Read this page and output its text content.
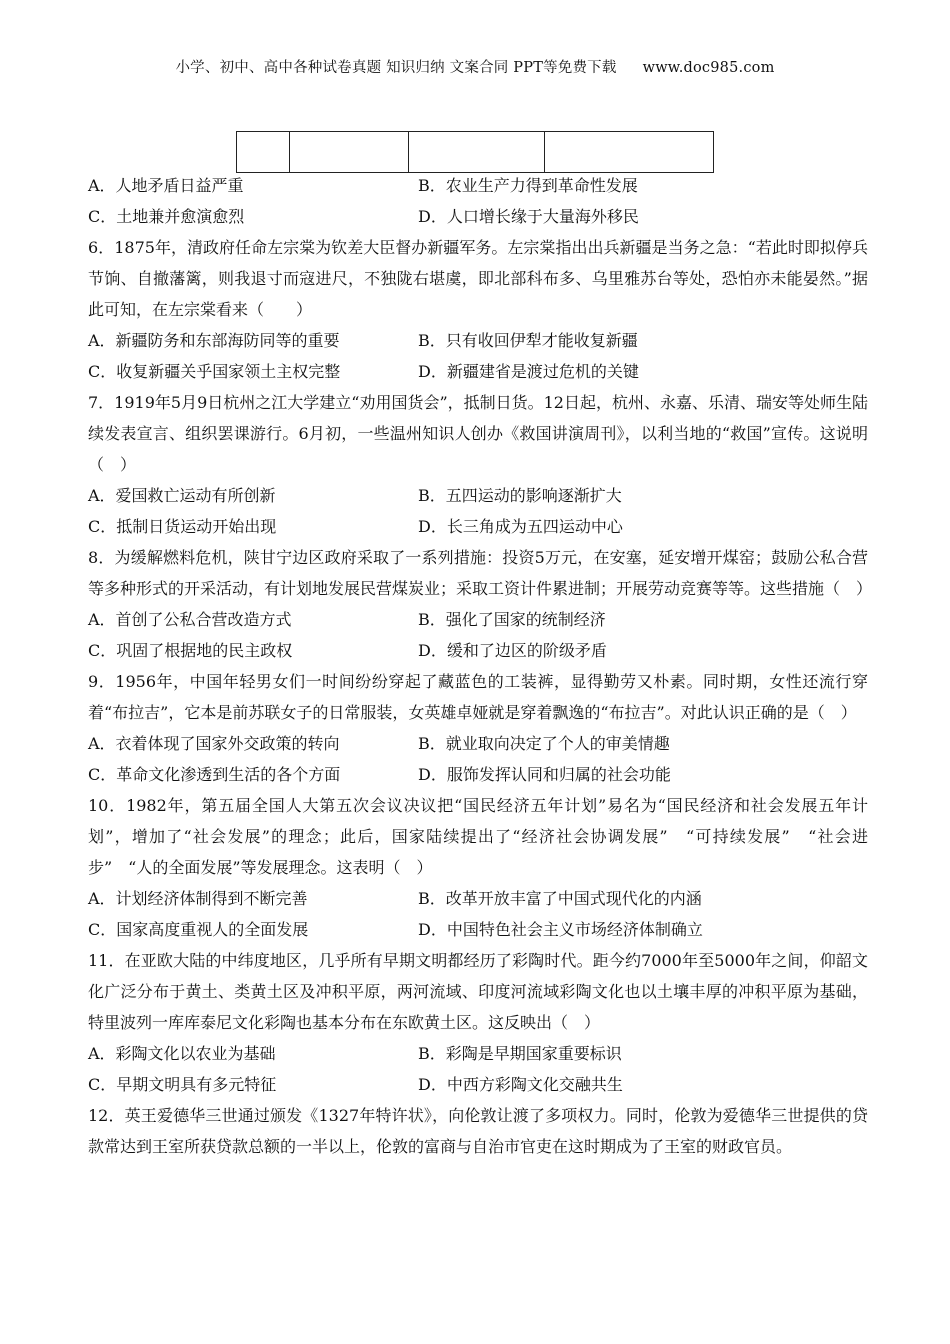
小学、初中、高中各种试卷真题 知识归纳 文案合同 PPT等免费下载 www.doc985.com

A．人地矛盾日益严重	B．农业生产力得到革命性发展
C．土地兼并愈演愈烈	D．人口增长缘于大量海外移民

6．1875年，清政府任命左宗棠为钦差大臣督办新疆军务。左宗棠指出出兵新疆是当务之急：“若此时即拟停兵节饷、自撤藩篱，则我退寸而寇进尺，不独陇右堪虞，即北部科布多、乌里雅苏台等处，恐怕亦未能晏然。”据此可知，在左宗棠看来（　　）

A．新疆防务和东部海防同等的重要	B．只有收回伊犁才能收复新疆
C．收复新疆关乎国家领土主权完整	D．新疆建省是渡过危机的关键

7．1919年5月9日杭州之江大学建立“劝用国货会”，抵制日货。12日起，杭州、永嘉、乐清、瑞安等处师生陆续发表宣言、组织罢课游行。6月初，一些温州知识人创办《救国讲演周刊》，以利当地的“救国”宣传。这说明（　）

A．爱国救亡运动有所创新	B．五四运动的影响逐渐扩大
C．抵制日货运动开始出现	D．长三角成为五四运动中心

8．为缓解燃料危机，陕甘宁边区政府采取了一系列措施：投资5万元，在安塞，延安增开煤窑；鼓励公私合营等多种形式的开采活动，有计划地发展民营煤炭业；采取工资计件累进制；开展劳动竞赛等等。这些措施（　）

A．首创了公私合营改造方式	B．强化了国家的统制经济
C．巩固了根据地的民主政权	D．缓和了边区的阶级矛盾

9．1956年，中国年轻男女们一时间纷纷穿起了藏蓝色的工装裤，显得勤劳又朴素。同时期，女性还流行穿着“布拉吉”，它本是前苏联女子的日常服装，女英雄卓娅就是穿着飘逸的“布拉吉”。对此认识正确的是（　）

A．衣着体现了国家外交政策的转向	B．就业取向决定了个人的审美情趣
C．革命文化渗透到生活的各个方面	D．服饰发挥认同和归属的社会功能

10．1982年，第五届全国人大第五次会议决议把“国民经济五年计划”易名为“国民经济和社会发展五年计划”，增加了“社会发展”的理念；此后，国家陆续提出了“经济社会协调发展”　“可持续发展”　“社会进步”　“人的全面发展”等发展理念。这表明（　）

A．计划经济体制得到不断完善	B．改革开放丰富了中国式现代化的内涵
C．国家高度重视人的全面发展	D．中国特色社会主义市场经济体制确立

11．在亚欧大陆的中纬度地区，几乎所有早期文明都经历了彩陶时代。距今约7000年至5000年之间，仰韶文化广泛分布于黄土、类黄土区及冲积平原，两河流域、印度河流域彩陶文化也以土壤丰厚的冲积平原为基础，特里波列一库库泰尼文化彩陶也基本分布在东欧黄土区。这反映出（　）

A．彩陶文化以农业为基础	B．彩陶是早期国家重要标识
C．早期文明具有多元特征	D．中西方彩陶文化交融共生

12．英王爱德华三世通过颁发《1327年特许状》，向伦敦让渡了多项权力。同时，伦敦为爱德华三世提供的贷款常达到王室所获贷款总额的一半以上，伦敦的富商与自治市官吏在这时期成为了王室的财政官员。
